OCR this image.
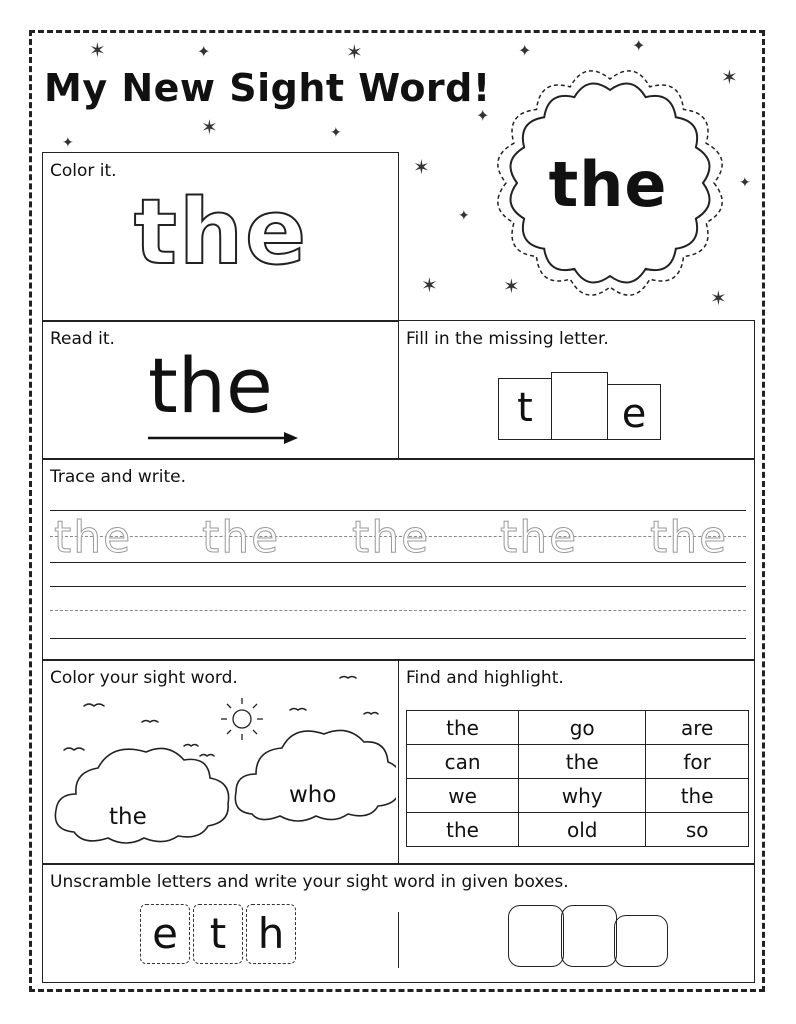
My New Sight Word!
✶	✦	✶	✦	✦
✶
✦
✶
✦
✦
✶
✦
✦
✶	✶	✶
the
Color it.
the
Read it.
the
Fill in the missing letter.
t	e
Trace and write.
the the the the the
Color your sight word.
the
who
Find and highlight.
the	go	are
can	the	for
we	why	the
the	old	so
Unscramble letters and write your sight word in given boxes.
e t h
